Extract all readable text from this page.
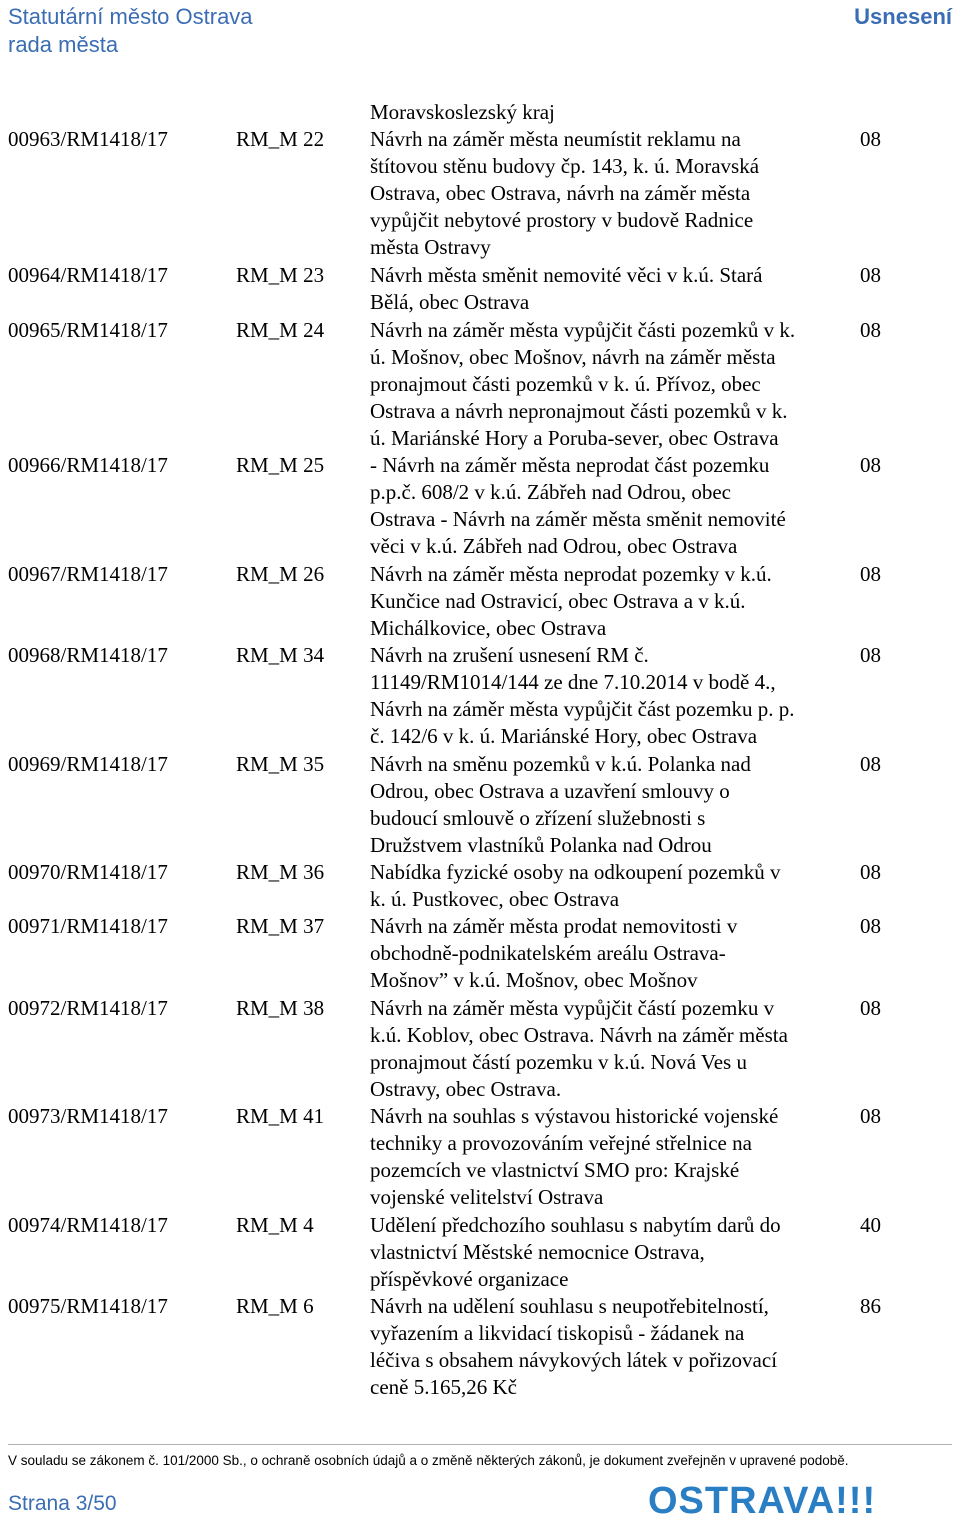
Statutární město Ostrava
rada města
Usnesení
Moravskoslezský kraj
00963/RM1418/17	RM_M 22 Návrh na záměr města neumístit reklamu na
štítovou stěnu budovy čp. 143, k. ú. Moravská
Ostrava, obec Ostrava, návrh na záměr města
vypůjčit nebytové prostory v budově Radnice
města Ostravy
08
00964/RM1418/17	RM_M 23 Návrh města směnit nemovité věci v k.ú. Stará
Bělá, obec Ostrava
08
00965/RM1418/17	RM_M 24 Návrh na záměr města vypůjčit části pozemků v k.
ú. Mošnov, obec Mošnov, návrh na záměr města
pronajmout části pozemků v k. ú. Přívoz, obec
Ostrava a návrh nepronajmout části pozemků v k.
ú. Mariánské Hory a Poruba-sever, obec Ostrava
08
00966/RM1418/17	RM_M 25 - Návrh na záměr města neprodat část pozemku
p.p.č. 608/2 v k.ú. Zábřeh nad Odrou, obec
Ostrava - Návrh na záměr města směnit nemovité
věci v k.ú. Zábřeh nad Odrou, obec Ostrava
08
00967/RM1418/17	RM_M 26 Návrh na záměr města neprodat pozemky v k.ú.
Kunčice nad Ostravicí, obec Ostrava a v k.ú.
Michálkovice, obec Ostrava
08
00968/RM1418/17	RM_M 34 Návrh na zrušení usnesení RM č.
11149/RM1014/144 ze dne 7.10.2014 v bodě 4.,
Návrh na záměr města vypůjčit část pozemku p. p.
č. 142/6 v k. ú. Mariánské Hory, obec Ostrava
08
00969/RM1418/17	RM_M 35 Návrh na směnu pozemků v k.ú. Polanka nad
Odrou, obec Ostrava a uzavření smlouvy o
budoucí smlouvě o zřízení služebnosti s
Družstvem vlastníků Polanka nad Odrou
08
00970/RM1418/17	RM_M 36 Nabídka fyzické osoby na odkoupení pozemků v
k. ú. Pustkovec, obec Ostrava
08
00971/RM1418/17	RM_M 37 Návrh na záměr města prodat nemovitosti v
obchodně-podnikatelském areálu Ostrava-
Mošnov” v k.ú. Mošnov, obec Mošnov
08
00972/RM1418/17	RM_M 38 Návrh na záměr města vypůjčit částí pozemku v
k.ú. Koblov, obec Ostrava. Návrh na záměr města
pronajmout částí pozemku v k.ú. Nová Ves u
Ostravy, obec Ostrava.
08
00973/RM1418/17	RM_M 41 Návrh na souhlas s výstavou historické vojenské
techniky a provozováním veřejné střelnice na
pozemcích ve vlastnictví SMO pro: Krajské
vojenské velitelství Ostrava
08
00974/RM1418/17	RM_M 4	Udělení předchozího souhlasu s nabytím darů do
vlastnictví Městské nemocnice Ostrava,
příspěvkové organizace
40
00975/RM1418/17	RM_M 6	Návrh na udělení souhlasu s neupotřebitelností,
vyřazením a likvidací tiskopisů - žádanek na
léčiva s obsahem návykových látek v pořizovací
ceně 5.165,26 Kč
86
V souladu se zákonem č. 101/2000 Sb., o ochraně osobních údajů a o změně některých zákonů, je dokument zveřejněn v upravené podobě.
Strana 3/50	OSTRAVA!!!
